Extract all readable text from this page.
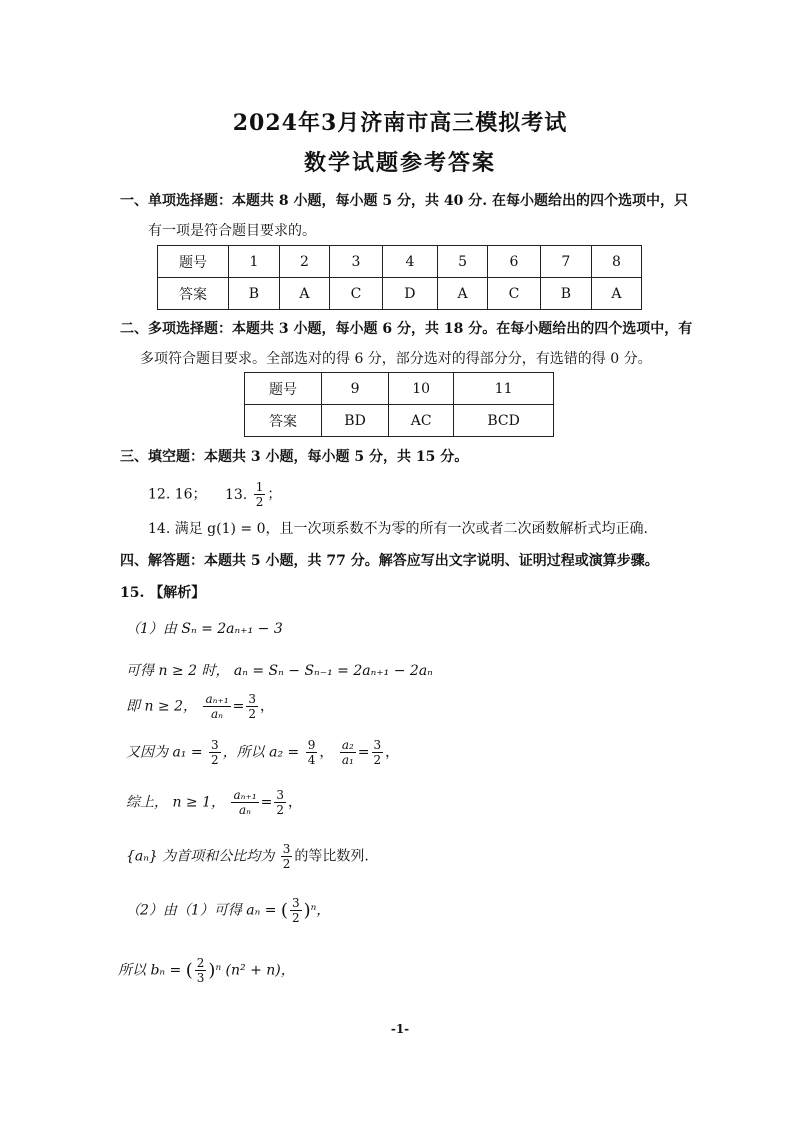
2024年3月济南市高三模拟考试
数学试题参考答案
一、单项选择题：本题共 8 小题，每小题 5 分，共 40 分. 在每小题给出的四个选项中，只
有一项是符合题目要求的。
题号	1	2	3	4	5	6	7	8
答案	B	A	C	D	A	C	B	A
二、多项选择题：本题共 3 小题，每小题 6 分，共 18 分。在每小题给出的四个选项中，有
多项符合题目要求。全部选对的得 6 分，部分选对的得部分分，有选错的得 0 分。
题号	9	10	11
答案	BD	AC	BCD
三、填空题：本题共 3 小题，每小题 5 分，共 15 分。
12. 16； 13. $\frac{1}{2}$ ；
14. 满足 g(1) = 0，且一次项系数不为零的所有一次或者二次函数解析式均正确.
四、解答题：本题共 5 小题，共 77 分。解答应写出文字说明、证明过程或演算步骤。
15. 【解析】
（1）由 Sₙ = 2aₙ₊₁ − 3
可得 n ≥ 2 时， aₙ = Sₙ − Sₙ₋₁ = 2aₙ₊₁ − 2aₙ
即 n ≥ 2， $\frac{\text{aₙ₊₁}}{\text{aₙ}} = \frac{3}{2}$ ，
又因为 $a_1 = \frac{3}{2}$ ，所以 $a_2 = \frac{9}{4}$ ， $\frac{\text{a₂}}{\text{a₁}} = \frac{3}{2}$ ，
综上， n ≥ 1， $\frac{\text{aₙ₊₁}}{\text{aₙ}} = \frac{3}{2}$ ，
{aₙ} 为首项和公比均为 $\frac{3}{2}$ 的等比数列.
（2）由（1）可得 aₙ = ( $\frac{3}{2} )^n$，
所以 bₙ = ( $\frac{2}{3} )^n$ (n² + n)，
-1-
